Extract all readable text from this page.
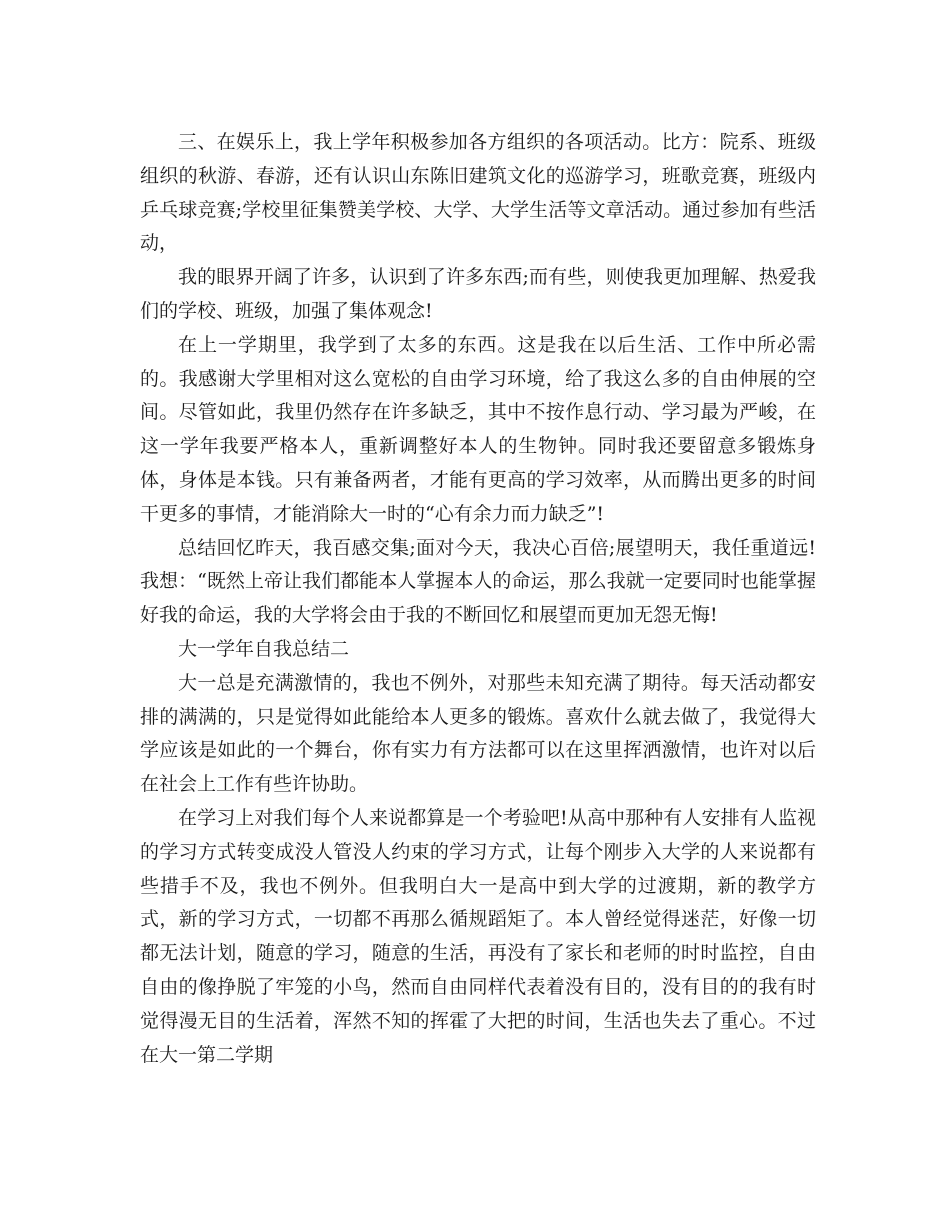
三、在娱乐上，我上学年积极参加各方组织的各项活动。比方：院系、班级组织的秋游、春游，还有认识山东陈旧建筑文化的巡游学习，班歌竞赛，班级内乒乓球竞赛;学校里征集赞美学校、大学、大学生活等文章活动。通过参加有些活动，

我的眼界开阔了许多，认识到了许多东西;而有些，则使我更加理解、热爱我们的学校、班级，加强了集体观念!

在上一学期里，我学到了太多的东西。这是我在以后生活、工作中所必需的。我感谢大学里相对这么宽松的自由学习环境，给了我这么多的自由伸展的空间。尽管如此，我里仍然存在许多缺乏，其中不按作息行动、学习最为严峻，在这一学年我要严格本人，重新调整好本人的生物钟。同时我还要留意多锻炼身体，身体是本钱。只有兼备两者，才能有更高的学习效率，从而腾出更多的时间干更多的事情，才能消除大一时的“心有余力而力缺乏”!

总结回忆昨天，我百感交集;面对今天，我决心百倍;展望明天，我任重道远!我想：“既然上帝让我们都能本人掌握本人的命运，那么我就一定要同时也能掌握好我的命运，我的大学将会由于我的不断回忆和展望而更加无怨无悔!

大一学年自我总结二

大一总是充满激情的，我也不例外，对那些未知充满了期待。每天活动都安排的满满的，只是觉得如此能给本人更多的锻炼。喜欢什么就去做了，我觉得大学应该是如此的一个舞台，你有实力有方法都可以在这里挥洒激情，也许对以后在社会上工作有些许协助。

在学习上对我们每个人来说都算是一个考验吧!从高中那种有人安排有人监视的学习方式转变成没人管没人约束的学习方式，让每个刚步入大学的人来说都有些措手不及，我也不例外。但我明白大一是高中到大学的过渡期，新的教学方式，新的学习方式，一切都不再那么循规蹈矩了。本人曾经觉得迷茫，好像一切都无法计划，随意的学习，随意的生活，再没有了家长和老师的时时监控，自由自由的像挣脱了牢笼的小鸟，然而自由同样代表着没有目的，没有目的的我有时觉得漫无目的生活着，浑然不知的挥霍了大把的时间，生活也失去了重心。不过在大一第二学期
